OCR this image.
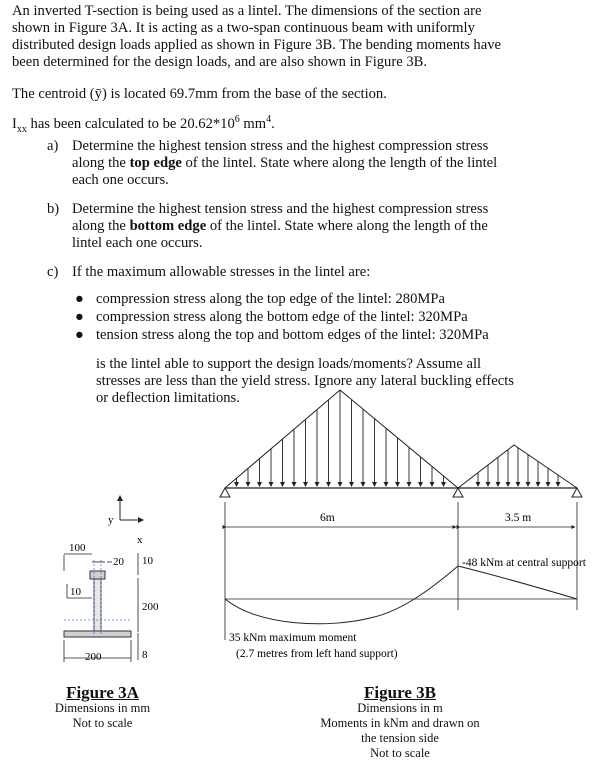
An inverted T-section is being used as a lintel. The dimensions of the section are
shown in Figure 3A. It is acting as a two-span continuous beam with uniformly
distributed design loads applied as shown in Figure 3B. The bending moments have
been determined for the design loads, and are also shown in Figure 3B.
The centroid (ȳ) is located 69.7mm from the base of the section.
$I_{xx}$ has been calculated to be $20.62*10^6$ $mm^4$.
a) Determine the highest tension stress and the highest compression stress
along the top edge of the lintel. State where along the length of the lintel
each one occurs.
b) Determine the highest tension stress and the highest compression stress
along the bottom edge of the lintel. State where along the length of the
lintel each one occurs.
c) If the maximum allowable stresses in the lintel are:
● compression stress along the top edge of the lintel: 280MPa
● compression stress along the bottom edge of the lintel: 320MPa
● tension stress along the top and bottom edges of the lintel: 320MPa
is the lintel able to support the design loads/moments? Assume all
stresses are less than the yield stress. Ignore any lateral buckling effects
or deflection limitations.
y
x
100
20 10
200
8
10
200
6m	3.5 m
-48 kNm at central support
35 kNm maximum moment
(2.7 metres from left hand support)
Figure 3A
Dimensions in mm
Not to scale
Figure 3B
Dimensions in m
Moments in kNm and drawn on
the tension side
Not to scale
